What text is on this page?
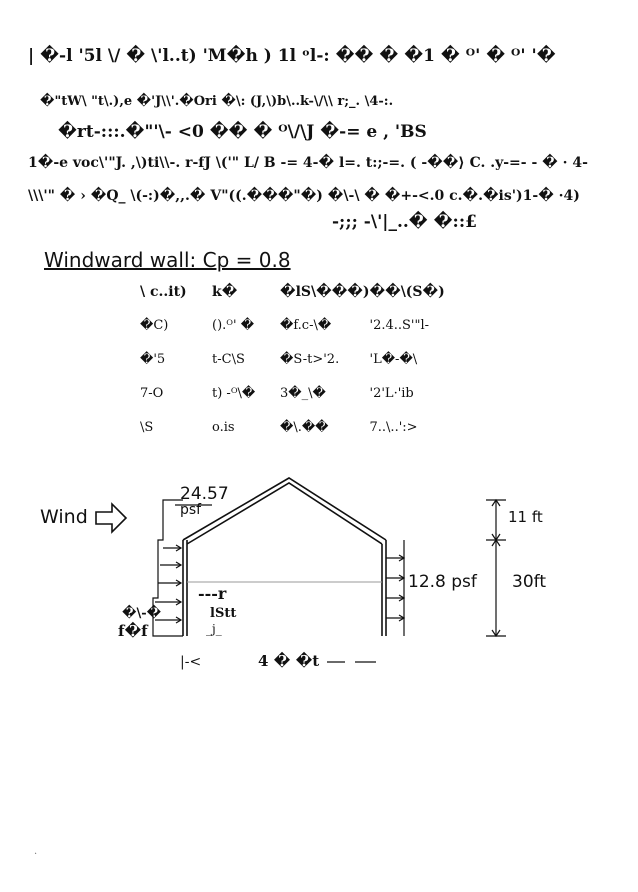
| �-l '5l \/ � \'l..t) 'M�h ) 1l ᵒl-: �� � �1 � ᴼ' � ᴼ' '�
�"tW\ "t\.),e �'J\\'.�Ori �\: (J,\)b\..k-\/\\ r;_. \4-:.
�rt-:::.�"'\- <0 �� � ᴼ\/\J �-= e , 'BS
1�-e voc\'"J. ,\)ti\\-. r-fJ \('" L/ B -= 4-� l=. t:;-=. ( -��⟩ C. .y-=- - � · 4-
\\\'" � › �Q_ \(-:)�,,.� V"((.���"�) �\-\ � �+-<.0 c.�.�is')1-� ·4)
-;;; -\'|_..� �::£
Windward wall: Cp = 0.8
\ c..it)	k�	�lS\���)	��\(S�)
�C)	().ᴼ' �	�f.c-\�	'2.4..S'"l-
�'5	t-C\S	�S-t>'2.	'L�-�\
7-O	t) -ᴼ\�	3�_\�	'2'L·'ib
\S	o.is	�\.��	7..\..':>
Wind
24.57
psf	11 ft
12.8 psf 30ft
�\-�
f�f
---r
lStt
_j_
|-<	4 � �t
.
